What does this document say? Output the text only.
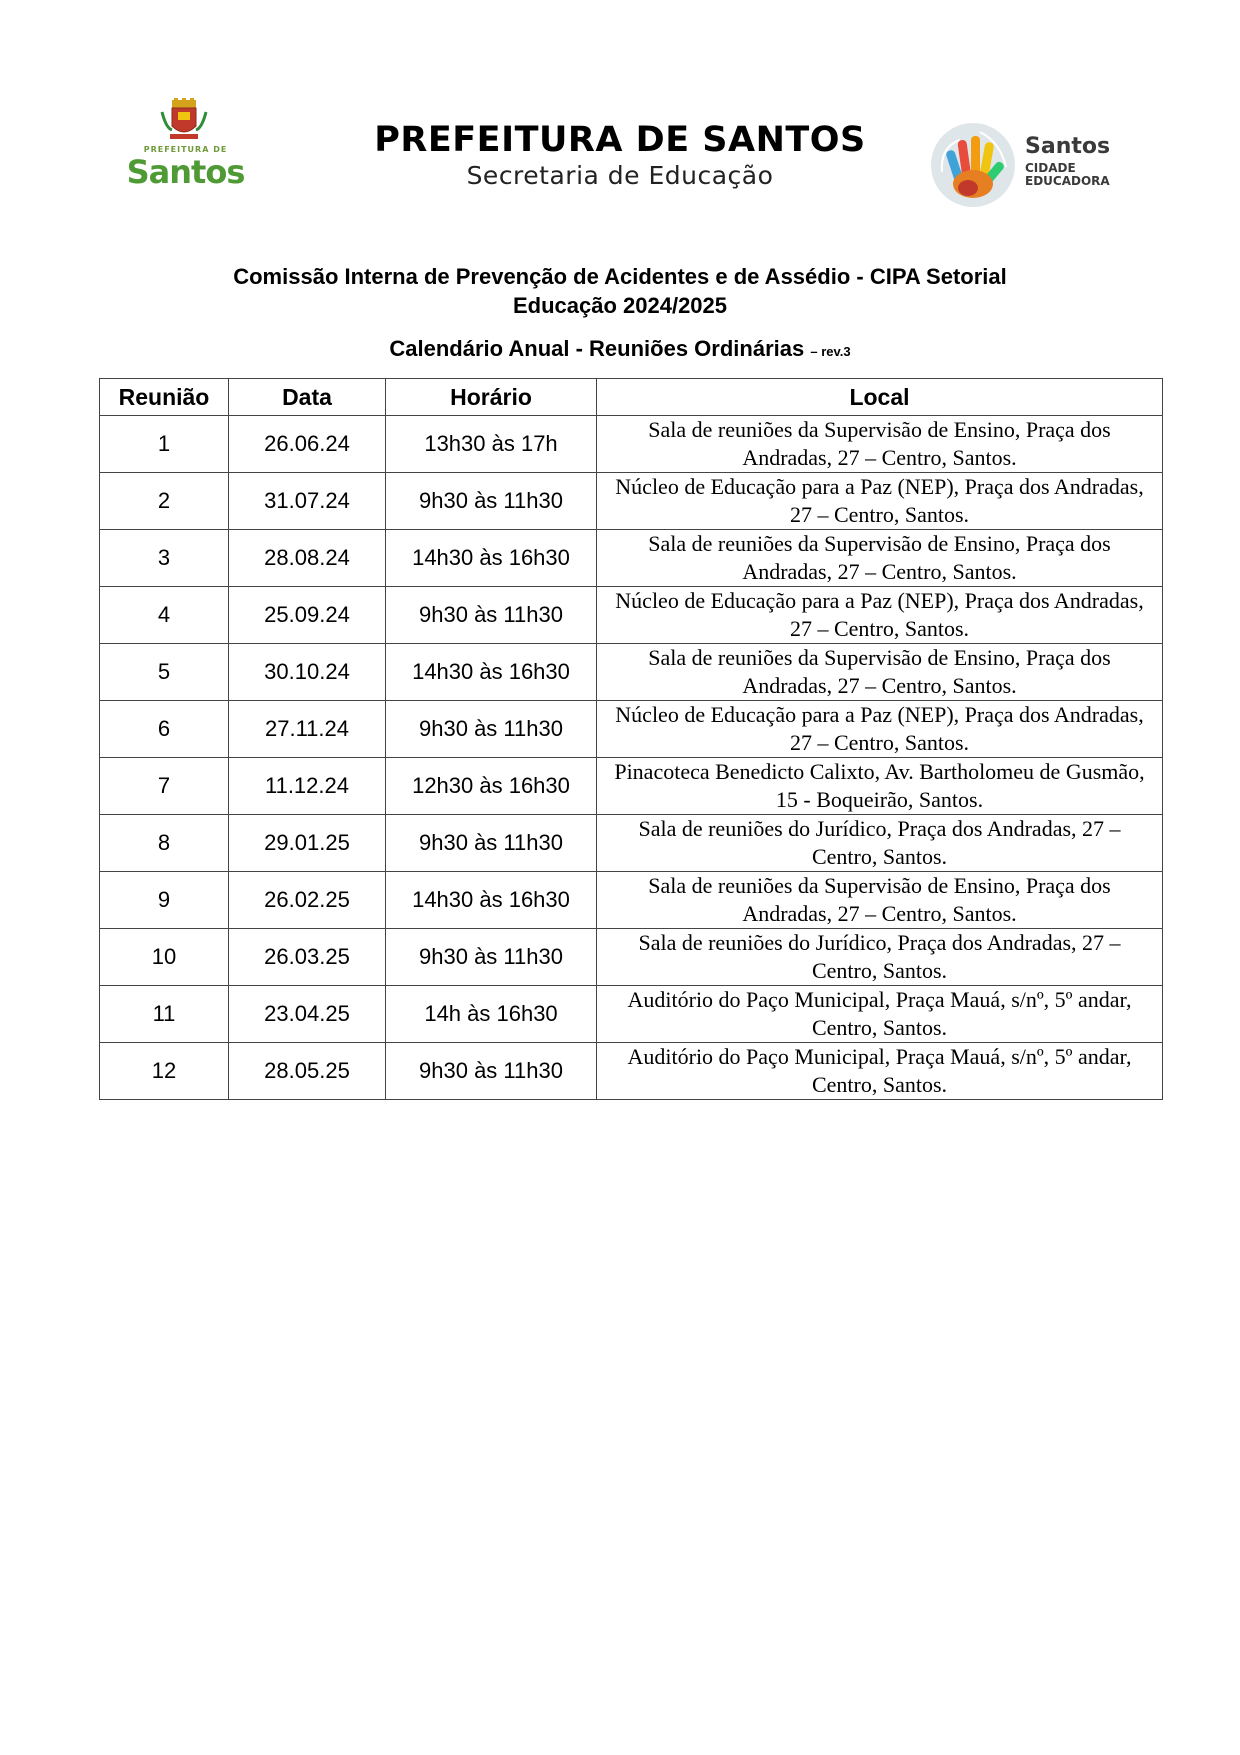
PREFEITURA DE
Santos
PREFEITURA DE SANTOS
Secretaria de Educação
Santos
CIDADE
EDUCADORA
Comissão Interna de Prevenção de Acidentes e de Assédio - CIPA Setorial
Educação 2024/2025
Calendário Anual - Reuniões Ordinárias – rev.3
Reunião	Data	Horário	Local
1	26.06.24	13h30 às 17h	Sala de reuniões da Supervisão de Ensino, Praça dos Andradas, 27 – Centro, Santos.
2	31.07.24	9h30 às 11h30	Núcleo de Educação para a Paz (NEP), Praça dos Andradas, 27 – Centro, Santos.
3	28.08.24	14h30 às 16h30	Sala de reuniões da Supervisão de Ensino, Praça dos Andradas, 27 – Centro, Santos.
4	25.09.24	9h30 às 11h30	Núcleo de Educação para a Paz (NEP), Praça dos Andradas, 27 – Centro, Santos.
5	30.10.24	14h30 às 16h30	Sala de reuniões da Supervisão de Ensino, Praça dos Andradas, 27 – Centro, Santos.
6	27.11.24	9h30 às 11h30	Núcleo de Educação para a Paz (NEP), Praça dos Andradas, 27 – Centro, Santos.
7	11.12.24	12h30 às 16h30	Pinacoteca Benedicto Calixto, Av. Bartholomeu de Gusmão, 15 - Boqueirão, Santos.
8	29.01.25	9h30 às 11h30	Sala de reuniões do Jurídico, Praça dos Andradas, 27 – Centro, Santos.
9	26.02.25	14h30 às 16h30	Sala de reuniões da Supervisão de Ensino, Praça dos Andradas, 27 – Centro, Santos.
10	26.03.25	9h30 às 11h30	Sala de reuniões do Jurídico, Praça dos Andradas, 27 – Centro, Santos.
11	23.04.25	14h às 16h30	Auditório do Paço Municipal, Praça Mauá, s/nº, 5º andar, Centro, Santos.
12	28.05.25	9h30 às 11h30	Auditório do Paço Municipal, Praça Mauá, s/nº, 5º andar, Centro, Santos.
